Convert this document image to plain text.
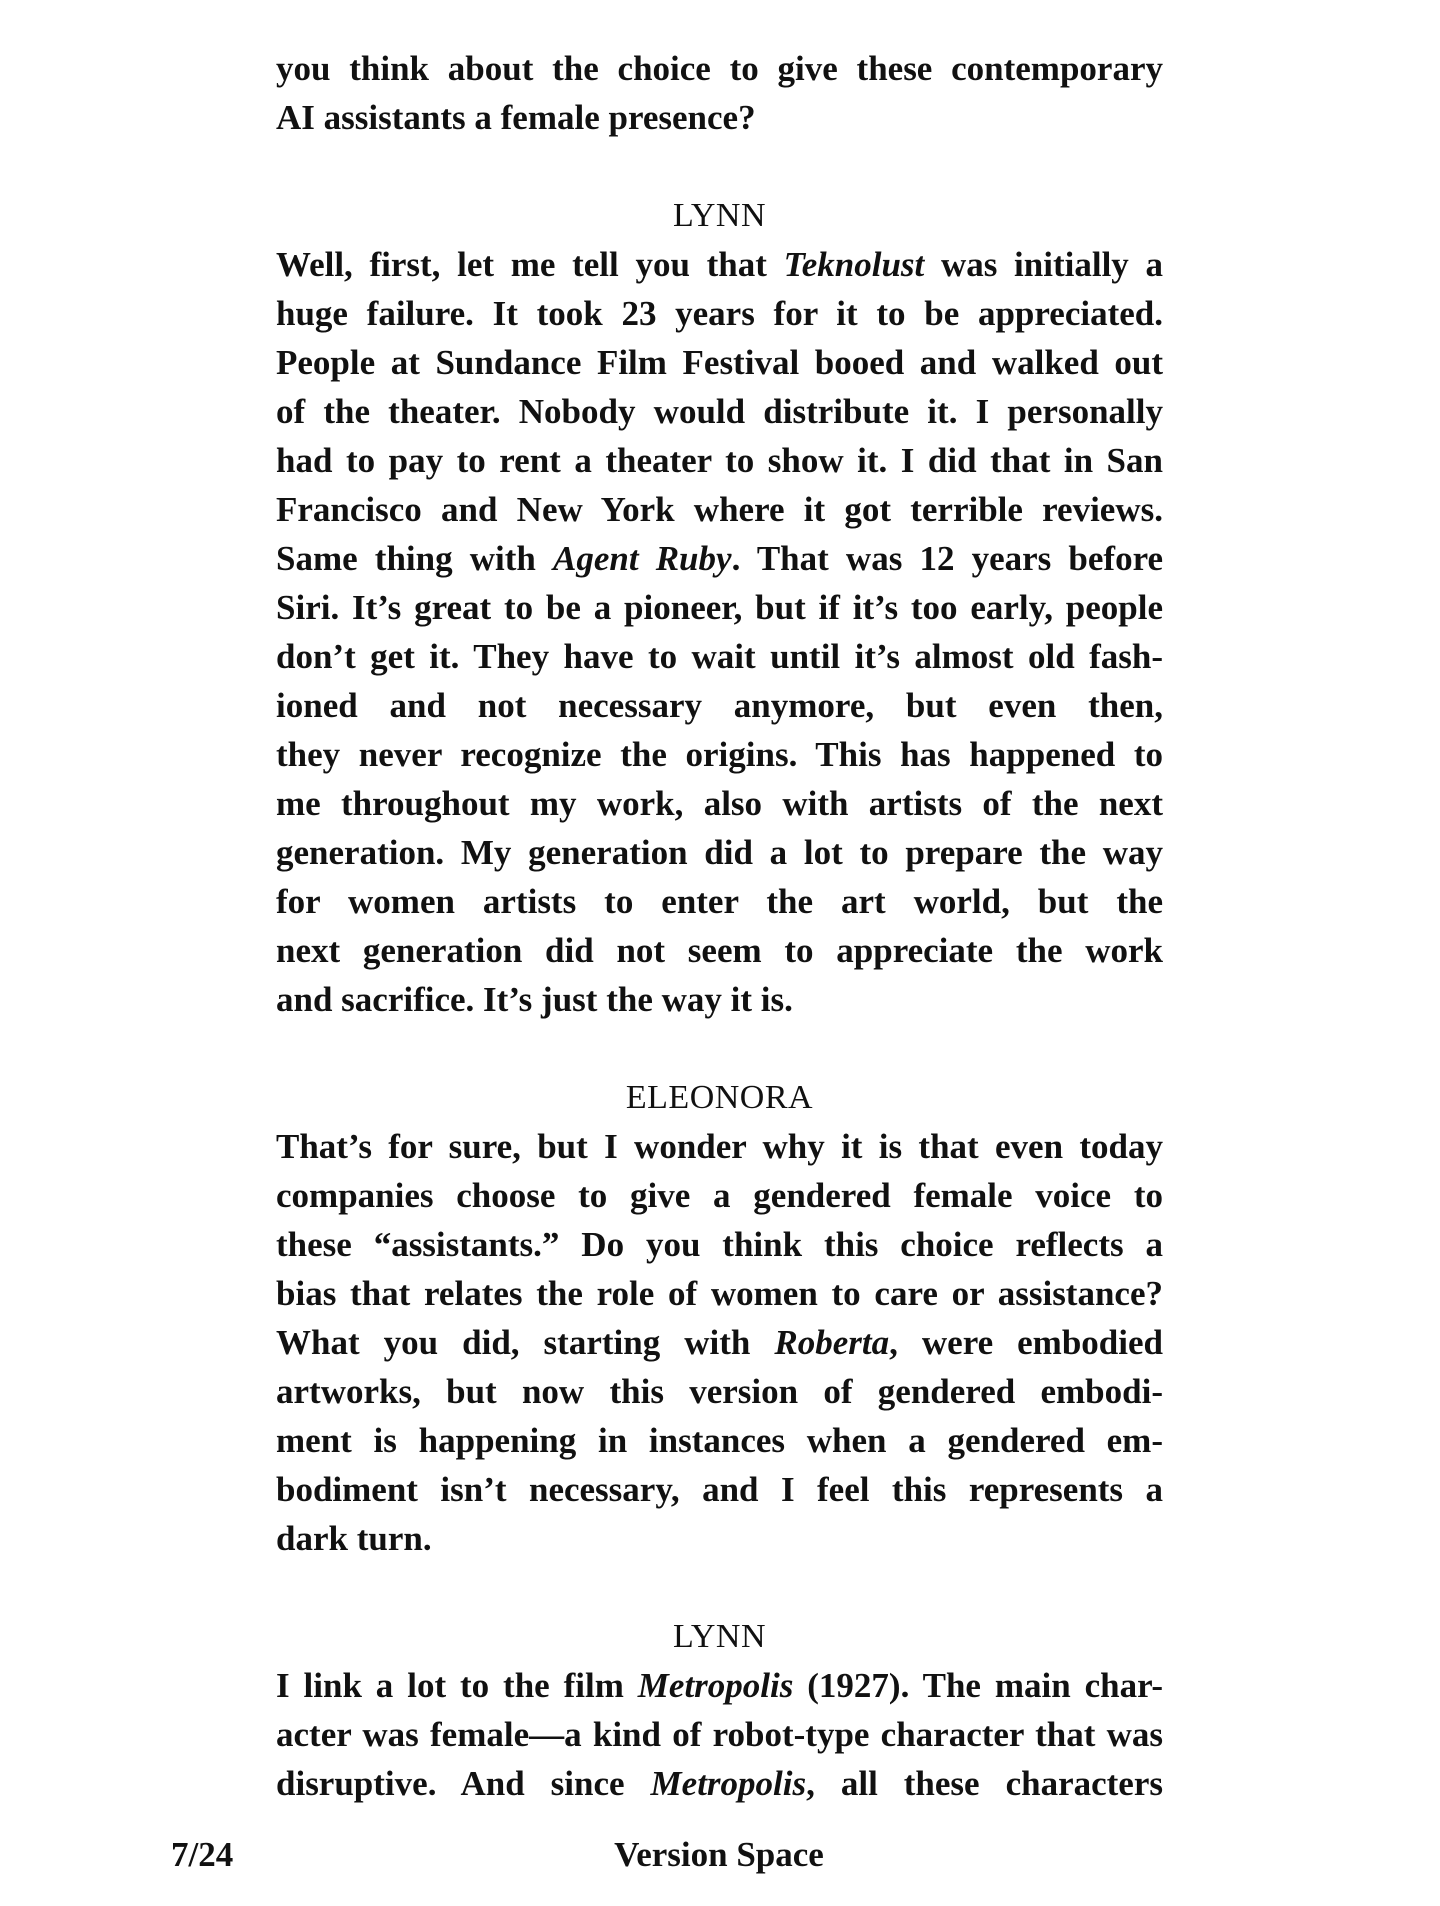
you think about the choice to give these contemporary
AI assistants a female presence?
LYNN
Well, first, let me tell you that Teknolust was initially a
huge failure. It took 23 years for it to be appreciated.
People at Sundance Film Festival booed and walked out
of the theater. Nobody would distribute it. I personally
had to pay to rent a theater to show it. I did that in San
Francisco and New York where it got terrible reviews.
Same thing with Agent Ruby. That was 12 years before
Siri. It’s great to be a pioneer, but if it’s too early, people
don’t get it. They have to wait until it’s almost old fash-
ioned and not necessary anymore, but even then,
they never recognize the origins. This has happened to
me throughout my work, also with artists of the next
generation. My generation did a lot to prepare the way
for women artists to enter the art world, but the
next generation did not seem to appreciate the work
and sacrifice. It’s just the way it is.
ELEONORA
That’s for sure, but I wonder why it is that even today
companies choose to give a gendered female voice to
these “assistants.” Do you think this choice reflects a
bias that relates the role of women to care or assistance?
What you did, starting with Roberta, were embodied
artworks, but now this version of gendered embodi-
ment is happening in instances when a gendered em-
bodiment isn’t necessary, and I feel this represents a
dark turn.
LYNN
I link a lot to the film Metropolis (1927). The main char-
acter was female—a kind of robot-type character that was
disruptive. And since Metropolis, all these characters
7/24	Version Space
